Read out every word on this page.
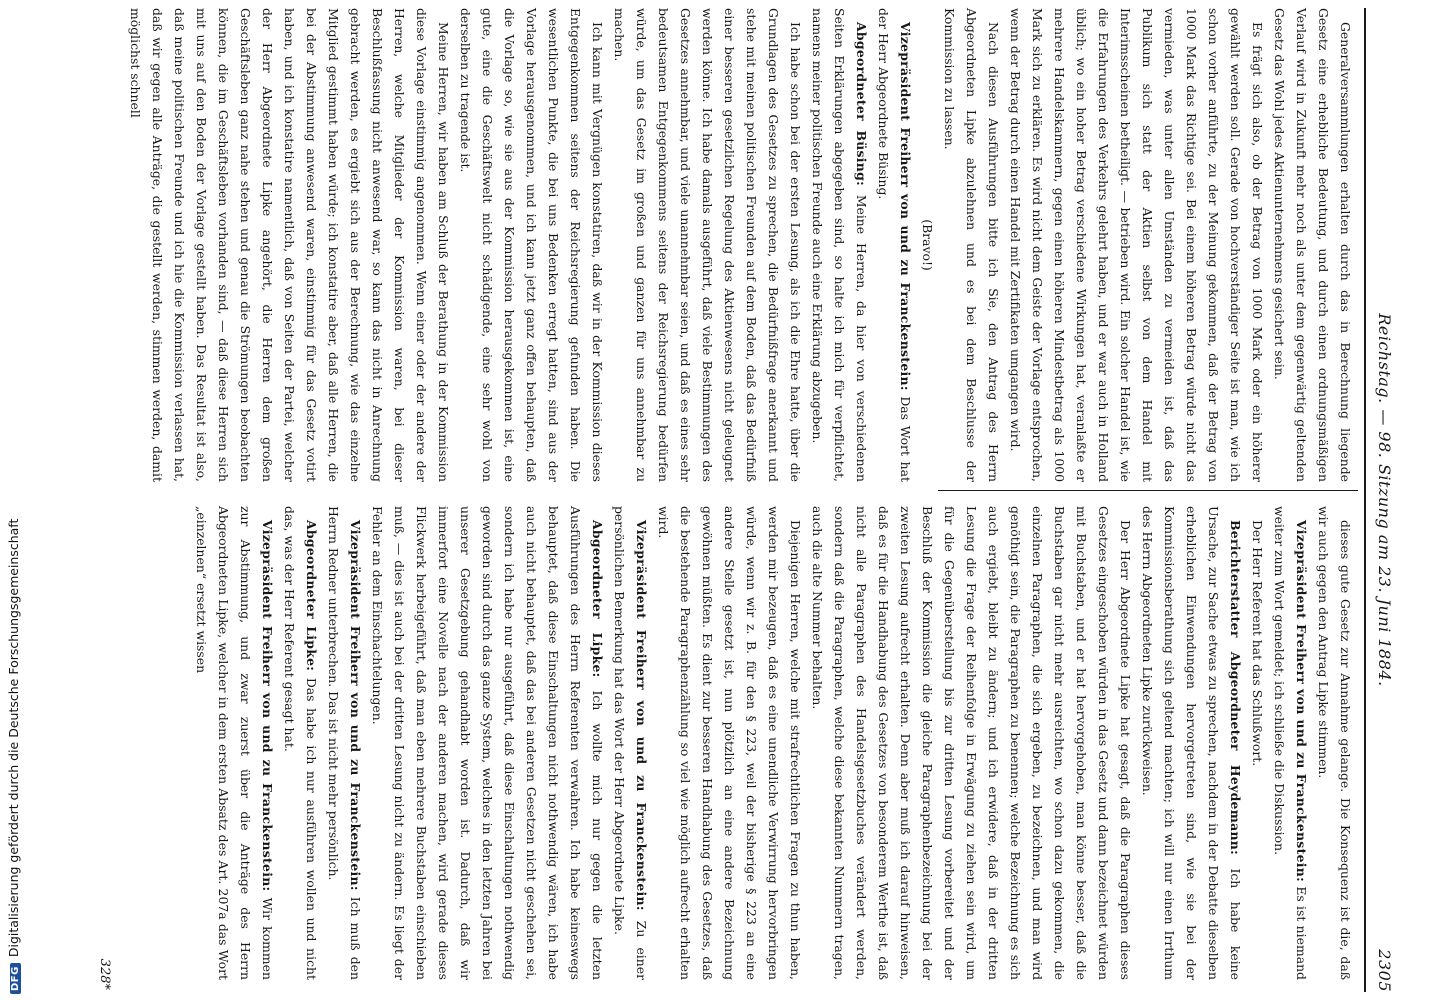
Reichstag. — 98. Sitzung am 23. Juni 1884.
2305

Generalversammlungen erhalten durch das in Berechnung liegende Gesetz eine erhebliche Bedeutung, und durch einen ordnungsmäßigen Verlauf wird in Zukunft mehr noch als unter dem gegenwärtig geltenden Gesetz das Wohl jedes Aktienunternehmens gesichert sein.

Es frägt sich also, ob der Betrag von 1000 Mark oder ein höherer gewählt werden soll. Gerade von hochverständiger Seite ist man, wie ich schon vorher anführte, zu der Meinung gekommen, daß der Betrag von 1000 Mark das Richtige sei. Bei einem höheren Betrag würde nicht das vermieden, was unter allen Umständen zu vermeiden ist, daß das Publikum sich statt der Aktien selbst von dem Handel mit Interimsscheinen betheiligt. — betrieben wird. Ein solcher Handel ist, wie die Erfahrungen des Verkehrs gelehrt haben, und er war auch in Holland üblich; wo ein hoher Betrag verschiedene Wirkungen hat, veranlaßte er mehrere Handelskammern, gegen einen höheren Mindestbetrag als 1000 Mark sich zu erklären. Es wird nicht dem Geiste der Vorlage entsprochen, wenn der Betrag durch einen Handel mit Zertifikaten umgangen wird.

Nach diesen Ausführungen bitte ich Sie, den Antrag des Herrn Abgeordneten Lipke abzulehnen und es bei dem Beschlusse der Kommission zu lassen.

(Bravo!)

Vizepräsident Freiherr von und zu Franckenstein: Das Wort hat der Herr Abgeordnete Büsing.

Abgeordneter Büsing: Meine Herren, da hier von verschiedenen Seiten Erklärungen abgegeben sind, so halte ich mich für verpflichtet, namens meiner politischen Freunde auch eine Erklärung abzugeben.

Ich habe schon bei der ersten Lesung, als ich die Ehre hatte, über die Grundlagen des Gesetzes zu sprechen, die Bedürfnißfrage anerkannt und stehe mit meinen politischen Freunden auf dem Boden, daß das Bedürfniß einer besseren gesetzlichen Regelung des Aktienwesens nicht geleugnet werden könne. Ich habe damals ausgeführt, daß viele Bestimmungen des Gesetzes annehmbar, und viele unannehmbar seien, und daß es eines sehr bedeutsamen Entgegenkommens seitens der Reichsregierung bedürfen würde, um das Gesetz im großen und ganzen für uns annehmbar zu machen.

Ich kann mit Vergnügen konstatiren, daß wir in der Kommission dieses Entgegenkommen seitens der Reichsregierung gefunden haben. Die wesentlichen Punkte, die bei uns Bedenken erregt hatten, sind aus der Vorlage herausgenommen, und ich kann jetzt ganz offen behaupten, daß die Vorlage so, wie sie aus der Kommission herausgekommen ist, eine gute, eine die Geschäftswelt nicht schädigende, eine sehr wohl von derselben zu tragende ist.

Meine Herren, wir haben am Schluß der Berathung in der Kommission diese Vorlage einstimmig angenommen. Wenn einer oder der andere der Herren, welche Mitglieder der Kommission waren, bei dieser Beschlußfassung nicht anwesend war, so kann das nicht in Anrechnung gebracht werden, es ergiebt sich aus der Berechnung, wie das einzelne Mitglied gestimmt haben würde; ich konstatire aber, daß alle Herren, die bei der Abstimmung anwesend waren, einstimmig für das Gesetz votirt haben, und ich konstatire namentlich, daß von Seiten der Partei, welcher der Herr Abgeordnete Lipke angehört, die Herren dem großen Geschäftsleben ganz nahe stehen und genau die Strömungen beobachten können, die im Geschäftsleben vorhanden sind, — daß diese Herren sich mit uns auf den Boden der Vorlage gestellt haben. Das Resultat ist also, daß meine politischen Freunde und ich hie die Kommission verlassen hat, daß wir gegen alle Anträge, die gestellt werden, stimmen werden, damit möglichst schnell

dieses gute Gesetz zur Annahme gelange. Die Konsequenz ist die, daß wir auch gegen den Antrag Lipke stimmen.

Vizepräsident Freiherr von und zu Franckenstein: Es ist niemand weiter zum Wort gemeldet; ich schließe die Diskussion.

Der Herr Referent hat das Schlußwort.

Berichterstatter Abgeordneter Heydemann: Ich habe keine Ursache, zur Sache etwas zu sprechen, nachdem in der Debatte dieselben erheblichen Einwendungen hervorgetreten sind, wie sie bei der Kommissionsberathung sich geltend machten; ich will nur einen Irrthum des Herrn Abgeordneten Lipke zurückweisen.

Der Herr Abgeordnete Lipke hat gesagt, daß die Paragraphen dieses Gesetzes eingeschoben würden in das Gesetz und dann bezeichnet würden mit Buchstaben, und er hat hervorgehoben, man könne besser, daß die Buchstaben gar nicht mehr ausreichten, wo schon dazu gekommen, die einzelnen Paragraphen, die sich ergeben, zu bezeichnen, und man wird genöthigt sein, die Paragraphen zu benennen; welche Bezeichnung es sich auch ergiebt, bleibt zu ändern; und ich erwidere, daß in der dritten Lesung die Frage der Reihenfolge in Erwägung zu ziehen sein wird, um für die Gegenüberstellung bis zur dritten Lesung vorbereitet und der Beschluß der Kommission die gleiche Paragraphenbezeichnung bei der zweiten Lesung aufrecht erhalten. Denn aber muß ich darauf hinweisen, daß es für die Handhabung des Gesetzes von besonderem Werthe ist, daß nicht alle Paragraphen des Handelsgesetzbuches verändert werden, sondern daß die Paragraphen, welche diese bekannten Nummern tragen, auch die alte Nummer behalten.

Diejenigen Herren, welche mit strafrechtlichen Fragen zu thun haben, werden mir bezeugen, daß es eine unendliche Verwirrung hervorbringen würde, wenn wir z. B. für den § 223, weil der bisherige § 223 an eine andere Stelle gesetzt ist, nun plötzlich an eine andere Bezeichnung gewöhnen müßten. Es dient zur besseren Handhabung des Gesetzes, daß die bestehende Paragraphenzählung so viel wie möglich aufrecht erhalten wird.

Vizepräsident Freiherr von und zu Franckenstein: Zu einer persönlichen Bemerkung hat das Wort der Herr Abgeordnete Lipke.

Abgeordneter Lipke: Ich wollte mich nur gegen die letzten Ausführungen des Herrn Referenten verwahren. Ich habe keineswegs behauptet, daß diese Einschaltungen nicht nothwendig wären, ich habe auch nicht behauptet, daß das bei anderen Gesetzen nicht geschehen sei, sondern ich habe nur ausgeführt, daß diese Einschaltungen nothwendig geworden sind durch das ganze System, welches in den letzten Jahren bei unserer Gesetzgebung gehandhabt worden ist. Dadurch, daß wir immerfort eine Novelle nach der anderen machen, wird gerade dieses Flickwerk herbeigeführt, daß man eben mehrere Buchstaben einschieben muß, — dies ist auch bei der dritten Lesung nicht zu ändern. Es liegt der Fehler an dem Einschachtelungen.

Vizepräsident Freiherr von und zu Franckenstein: Ich muß den Herrn Redner unterbrechen. Das ist nicht mehr persönlich.

Abgeordneter Lipke: Das habe ich nur ausführen wollen und nicht das, was der Herr Referent gesagt hat.

Vizepräsident Freiherr von und zu Franckenstein: Wir kommen zur Abstimmung, und zwar zuerst über die Anträge des Herrn Abgeordneten Lipke, welcher in dem ersten Absatz des Art. 207a das Wort „einzelnen“ ersetzt wissen

328*
DFGDigitalisierung gefördert durch die Deutsche Forschungsgemeinschaft
